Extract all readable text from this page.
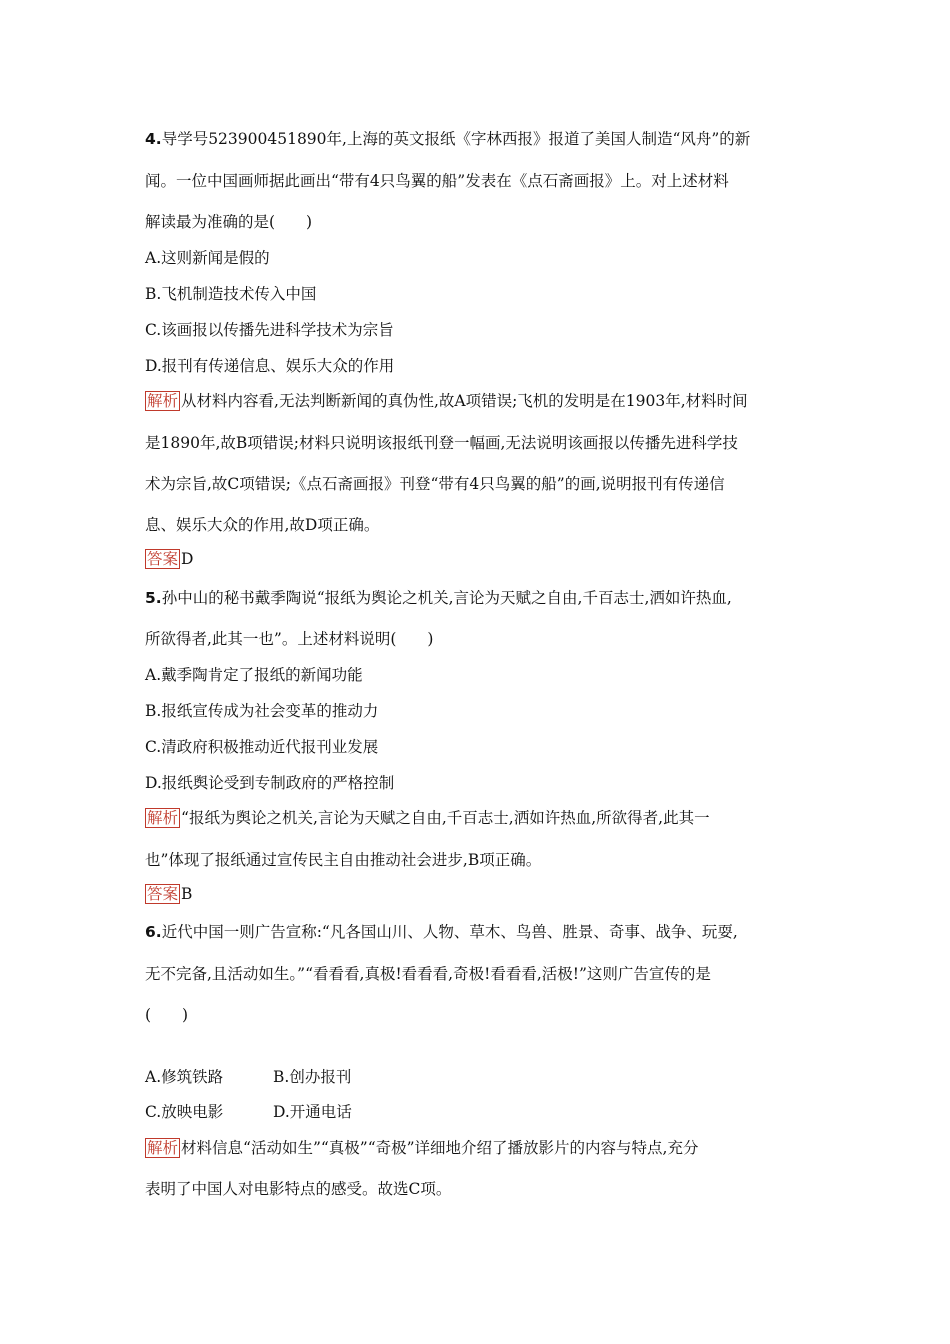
4.导学号523900451890年,上海的英文报纸《字林西报》报道了美国人制造“风舟”的新
闻。一位中国画师据此画出“带有4只鸟翼的船”发表在《点石斋画报》上。对上述材料
解读最为准确的是(　　)
A.这则新闻是假的
B.飞机制造技术传入中国
C.该画报以传播先进科学技术为宗旨
D.报刊有传递信息、娱乐大众的作用
解析 从材料内容看,无法判断新闻的真伪性,故A项错误;飞机的发明是在1903年,材料时间
是1890年,故B项错误;材料只说明该报纸刊登一幅画,无法说明该画报以传播先进科学技
术为宗旨,故C项错误;《点石斋画报》刊登“带有4只鸟翼的船”的画,说明报刊有传递信
息、娱乐大众的作用,故D项正确。
答案 D
5.孙中山的秘书戴季陶说“报纸为舆论之机关,言论为天赋之自由,千百志士,洒如许热血,
所欲得者,此其一也”。上述材料说明(　　)
A.戴季陶肯定了报纸的新闻功能
B.报纸宣传成为社会变革的推动力
C.清政府积极推动近代报刊业发展
D.报纸舆论受到专制政府的严格控制
解析 “报纸为舆论之机关,言论为天赋之自由,千百志士,洒如许热血,所欲得者,此其一
也”体现了报纸通过宣传民主自由推动社会进步,B项正确。
答案 B
6.近代中国一则广告宣称:“凡各国山川、人物、草木、鸟兽、胜景、奇事、战争、玩耍,
无不完备,且活动如生。”“看看看,真极!看看看,奇极!看看看,活极!”这则广告宣传的是
(　　)
A.修筑铁路	B.创办报刊
C.放映电影	D.开通电话
解析 材料信息“活动如生”“真极”“奇极”详细地介绍了播放影片的内容与特点,充分
表明了中国人对电影特点的感受。故选C项。
